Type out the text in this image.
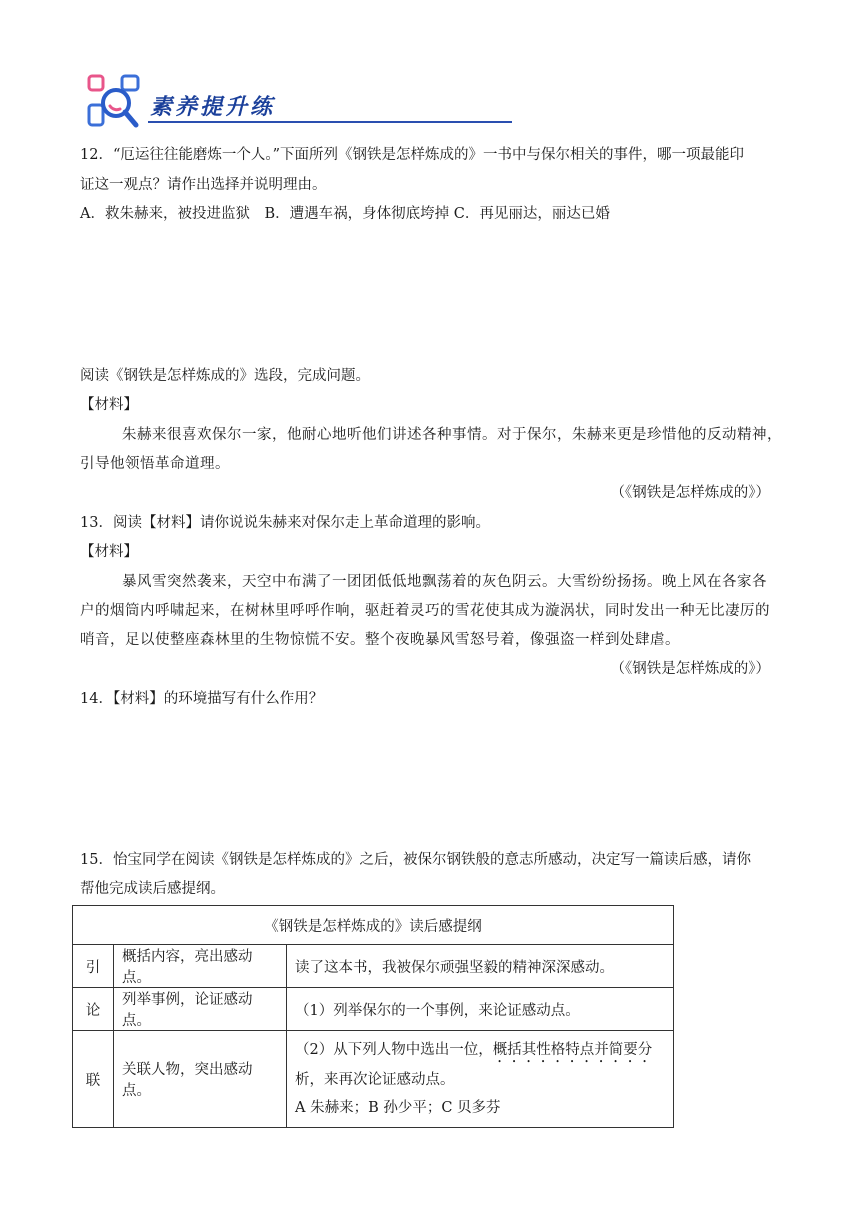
素养提升练
12．“厄运往往能磨炼一个人。”下面所列《钢铁是怎样炼成的》一书中与保尔相关的事件，哪一项最能印
证这一观点？请作出选择并说明理由。
A．救朱赫来，被投进监狱　B．遭遇车祸，身体彻底垮掉 C．再见丽达，丽达已婚
阅读《钢铁是怎样炼成的》选段，完成问题。
【材料】
朱赫来很喜欢保尔一家，他耐心地听他们讲述各种事情。对于保尔，朱赫来更是珍惜他的反动精神，
引导他领悟革命道理。
（《钢铁是怎样炼成的》）
13．阅读【材料】请你说说朱赫来对保尔走上革命道理的影响。
【材料】
暴风雪突然袭来，天空中布满了一团团低低地飘荡着的灰色阴云。大雪纷纷扬扬。晚上风在各家各
户的烟筒内呼啸起来，在树林里呼呼作响，驱赶着灵巧的雪花使其成为漩涡状，同时发出一种无比凄厉的
哨音，足以使整座森林里的生物惊慌不安。整个夜晚暴风雪怒号着，像强盗一样到处肆虐。
（《钢铁是怎样炼成的》）
14．【材料】的环境描写有什么作用？
15．怡宝同学在阅读《钢铁是怎样炼成的》之后，被保尔钢铁般的意志所感动，决定写一篇读后感，请你
帮他完成读后感提纲。
《钢铁是怎样炼成的》读后感提纲		
引	概括内容，亮出感动点。	读了这本书，我被保尔顽强坚毅的精神深深感动。
论	列举事例，论证感动点。	（1）列举保尔的一个事例，来论证感动点。
联	关联人物，突出感动点。	（2）从下列人物中选出一位，概括其性格特点并简要分
析，来再次论证感动点。
A 朱赫来；B 孙少平；C 贝多芬
